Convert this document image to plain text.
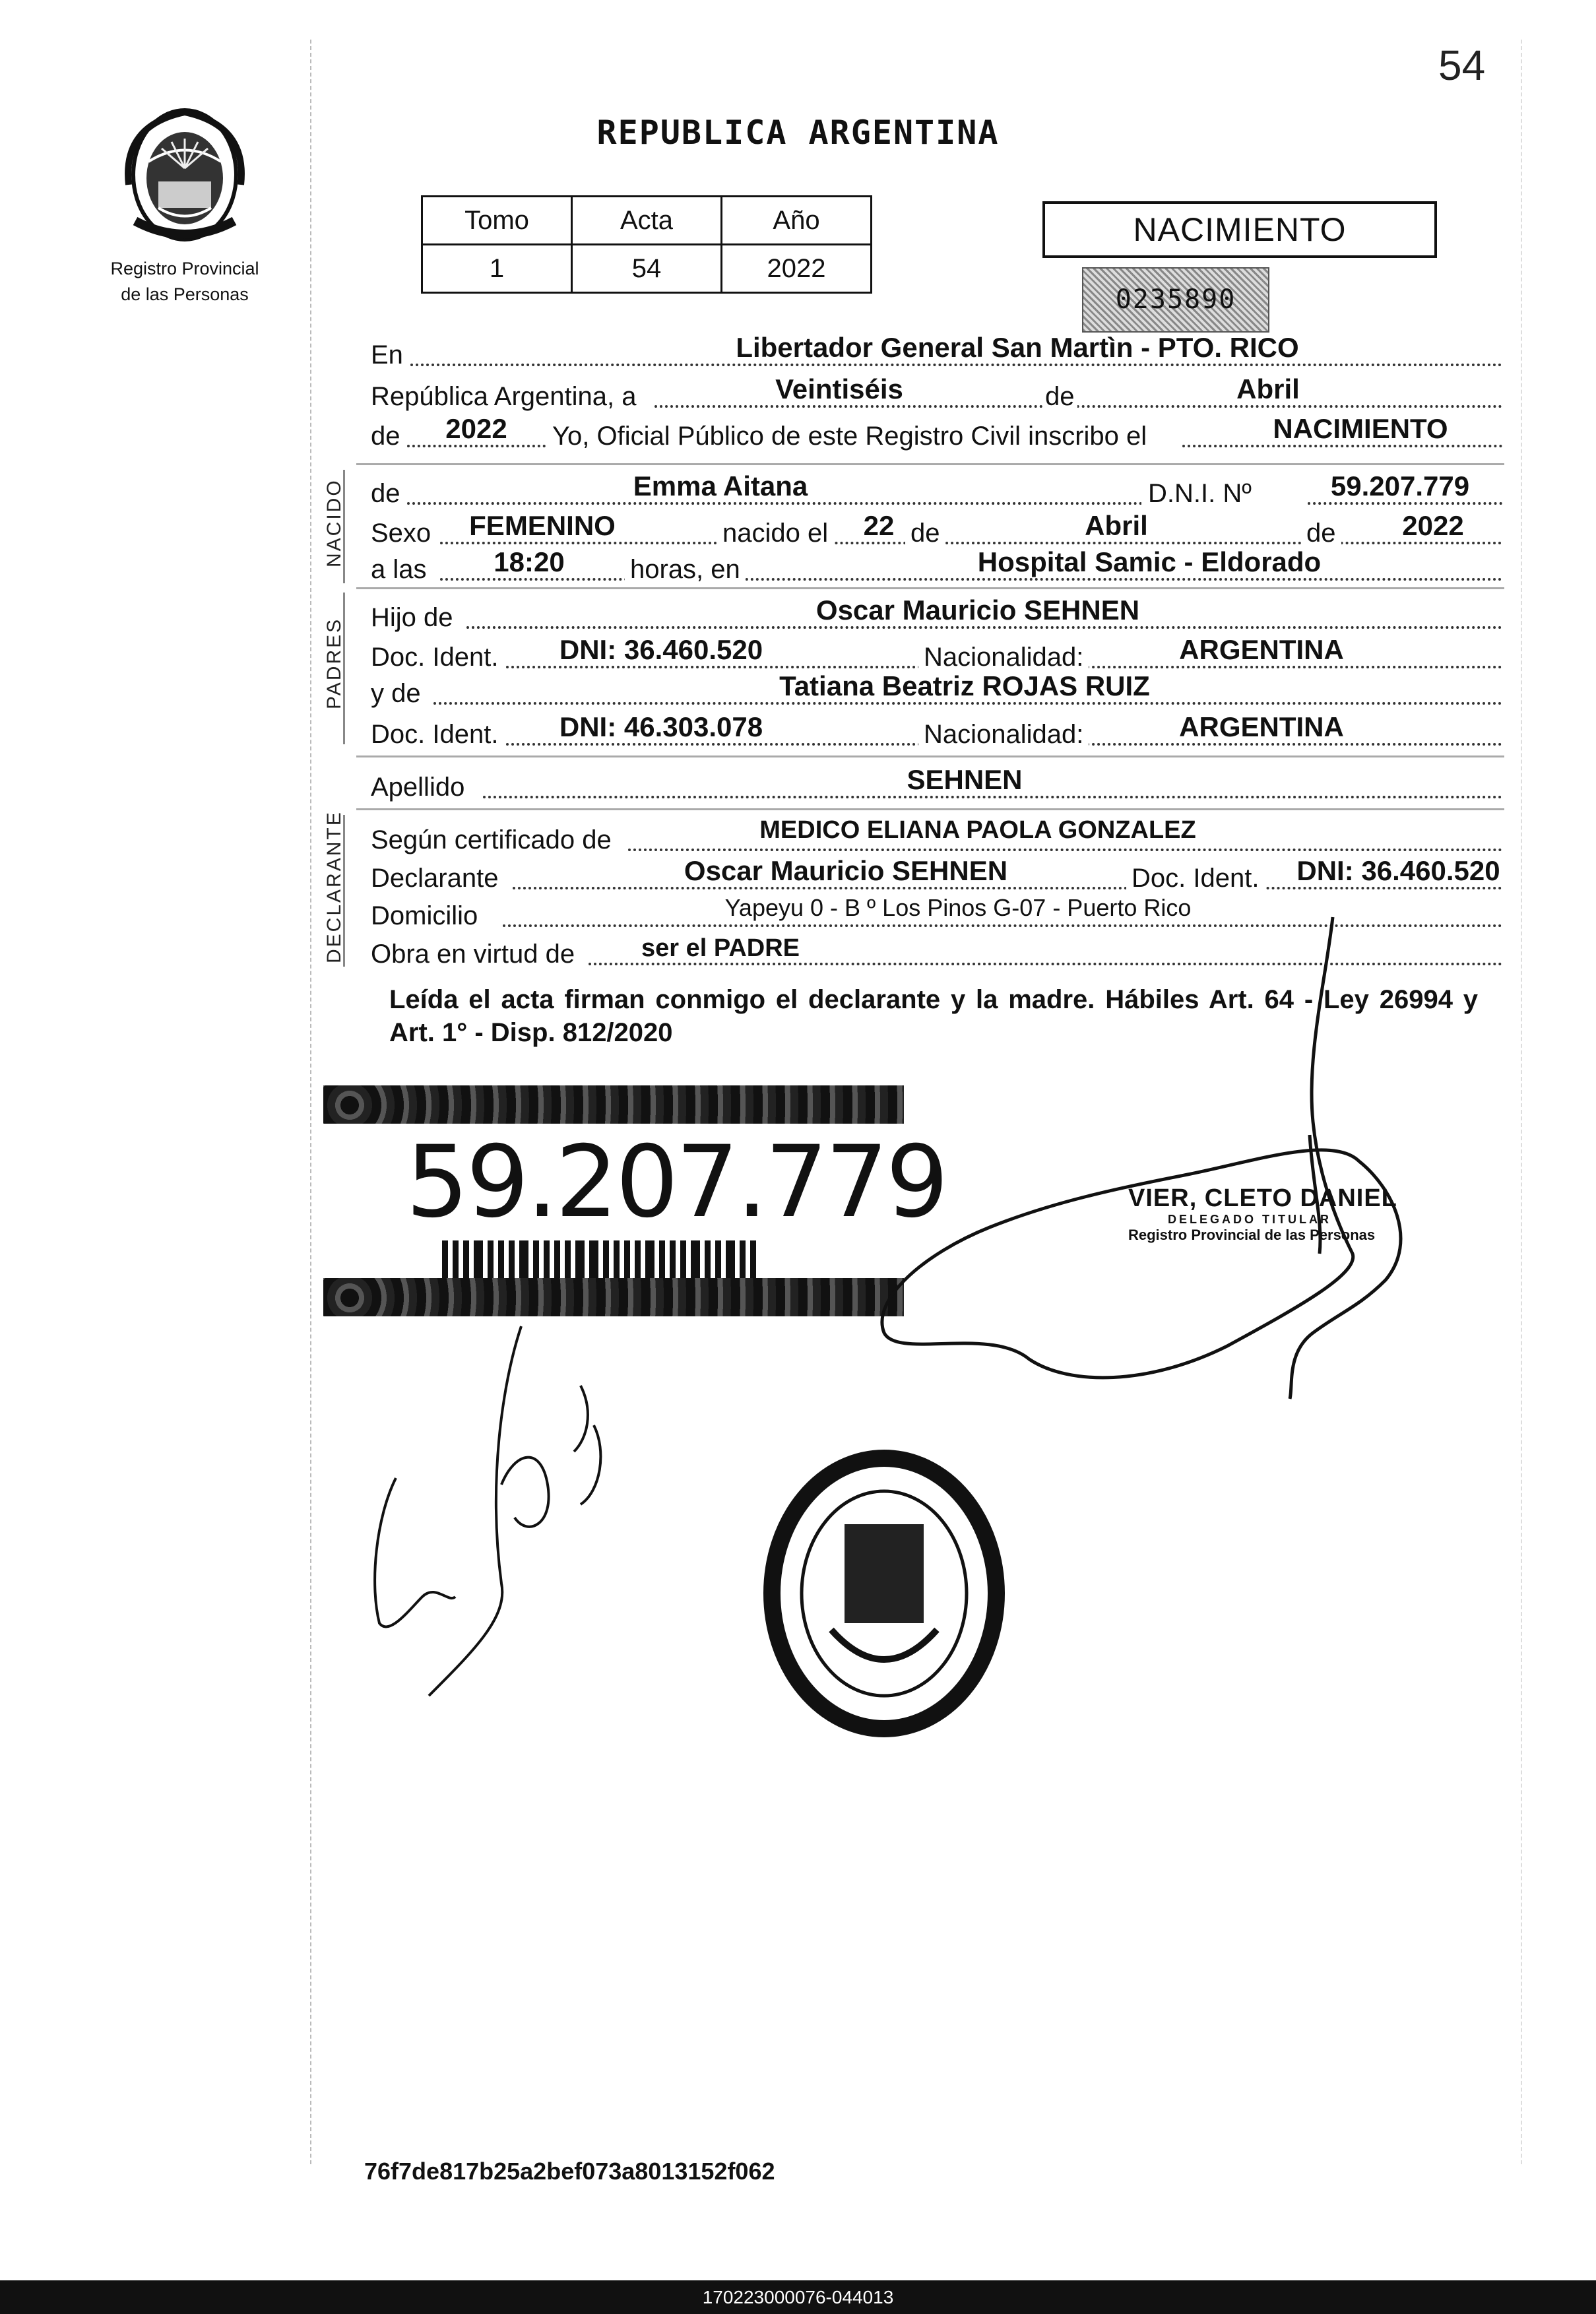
54
REPUBLICA ARGENTINA
Registro Provincial
de las Personas
Tomo	Acta	Año
1	54	2022
NACIMIENTO
0235890
En	Libertador General San Martìn - PTO. RICO
República Argentina, a	Veintiséis	de	Abril
de	2022	Yo, Oficial Público de este Registro Civil inscribo el	NACIMIENTO
NACIDO de	Emma Aitana	D.N.I. Nº	59.207.779
Sexo	FEMENINO	nacido el	22 de	Abril	de	2022
a las	18:20	horas, en	Hospital Samic - Eldorado
PADRES Hijo de	Oscar Mauricio SEHNEN
Doc. Ident.	DNI: 36.460.520	Nacionalidad:	ARGENTINA
y de	Tatiana Beatriz ROJAS RUIZ
Doc. Ident.	DNI: 46.303.078	Nacionalidad:	ARGENTINA
Apellido	SEHNEN
DECLARANTE Según certificado de	MEDICO ELIANA PAOLA GONZALEZ
Declarante	Oscar Mauricio SEHNEN	Doc. Ident. DNI: 36.460.520
Domicilio	Yapeyu 0 - B º Los Pinos G-07 - Puerto Rico
Obra en virtud de	ser el PADRE
Leída el acta firman conmigo el declarante y la madre. Hábiles Art. 64 - Ley 26994 y Art. 1° - Disp. 812/2020
59.207.779	VIER, CLETO DANIEL
DELEGADO TITULAR
Registro Provincial de las Personas
76f7de817b25a2bef073a8013152f062
170223000076-044013
